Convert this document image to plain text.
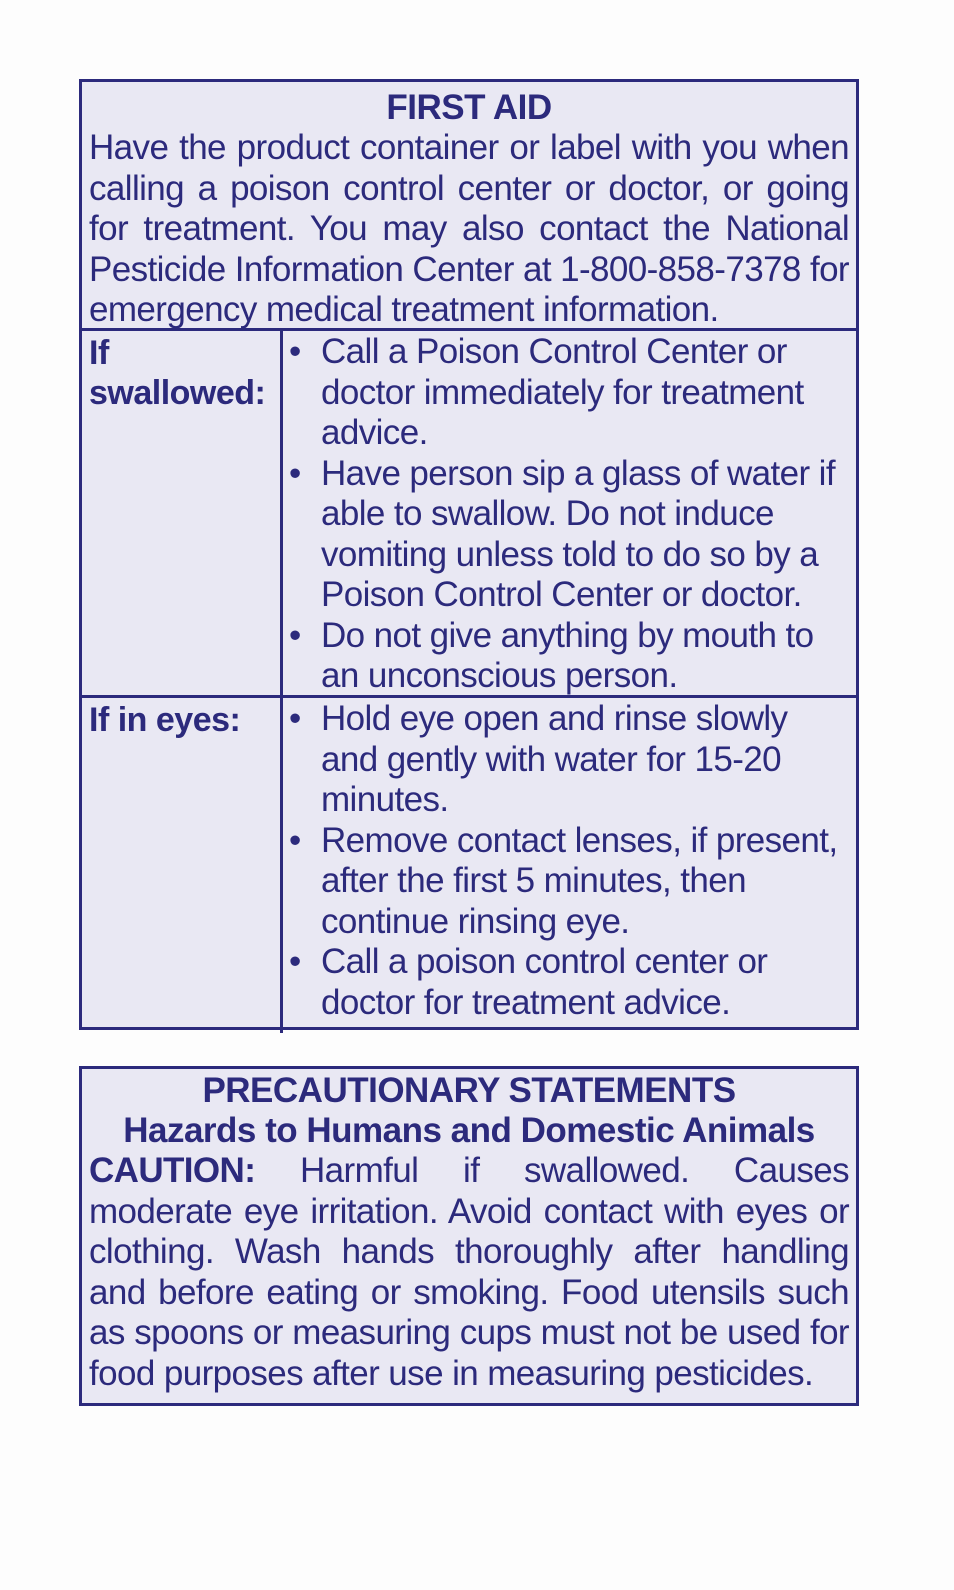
FIRST AID
Have the product container or label with you when calling a poison control center or doctor, or going for treatment. You may also contact the National Pesticide Information Center at 1-800-858-7378 for emergency medical treatment information.
If swallowed:
• Call a Poison Control Center or doctor immediately for treatment advice.
• Have person sip a glass of water if able to swallow. Do not induce vomiting unless told to do so by a Poison Control Center or doctor.
• Do not give anything by mouth to an unconscious person.
If in eyes:	• Hold eye open and rinse slowly and gently with water for 15-20 minutes.
• Remove contact lenses, if present, after the first 5 minutes, then continue rinsing eye.
• Call a poison control center or doctor for treatment advice.
PRECAUTIONARY STATEMENTS
Hazards to Humans and Domestic Animals
CAUTION: Harmful if swallowed. Causes moderate eye irritation. Avoid contact with eyes or clothing. Wash hands thoroughly after handling and before eating or smoking. Food utensils such as spoons or measuring cups must not be used for food purposes after use in measuring pesticides.
